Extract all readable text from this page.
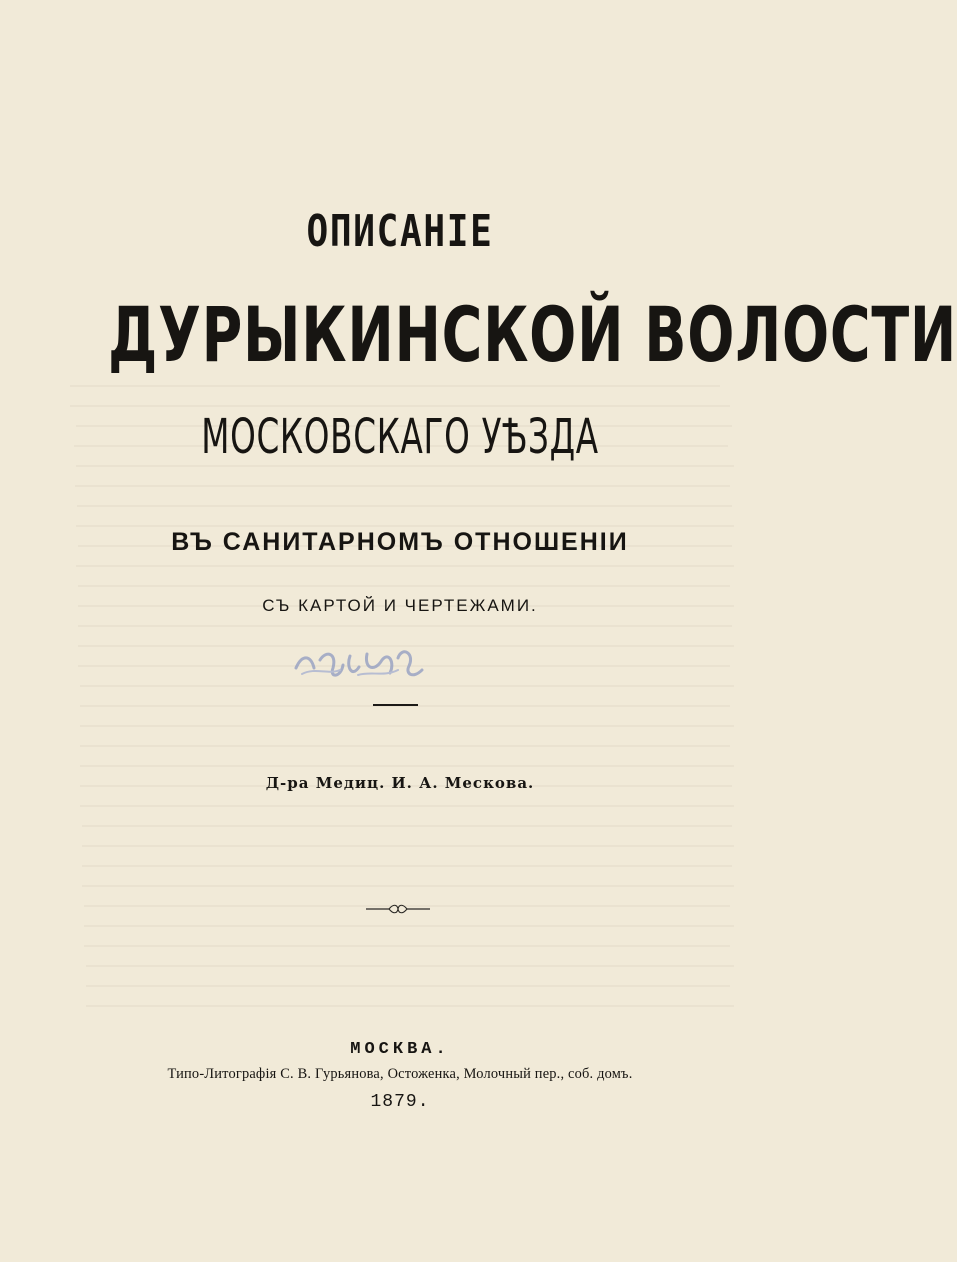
ОПИСАНІЕ
ДУРЫКИНСКОЙ ВОЛОСТИ
МОСКОВСКАГО УѢЗДА
ВЪ САНИТАРНОМЪ ОТНОШЕНІИ
СЪ КАРТОЙ И ЧЕРТЕЖАМИ.
Д-ра Медиц. И. А. Мескова.
МОСКВА.
Типо-Литографія С. В. Гурьянова, Остоженка, Молочный пер., соб. домъ.
1879.
